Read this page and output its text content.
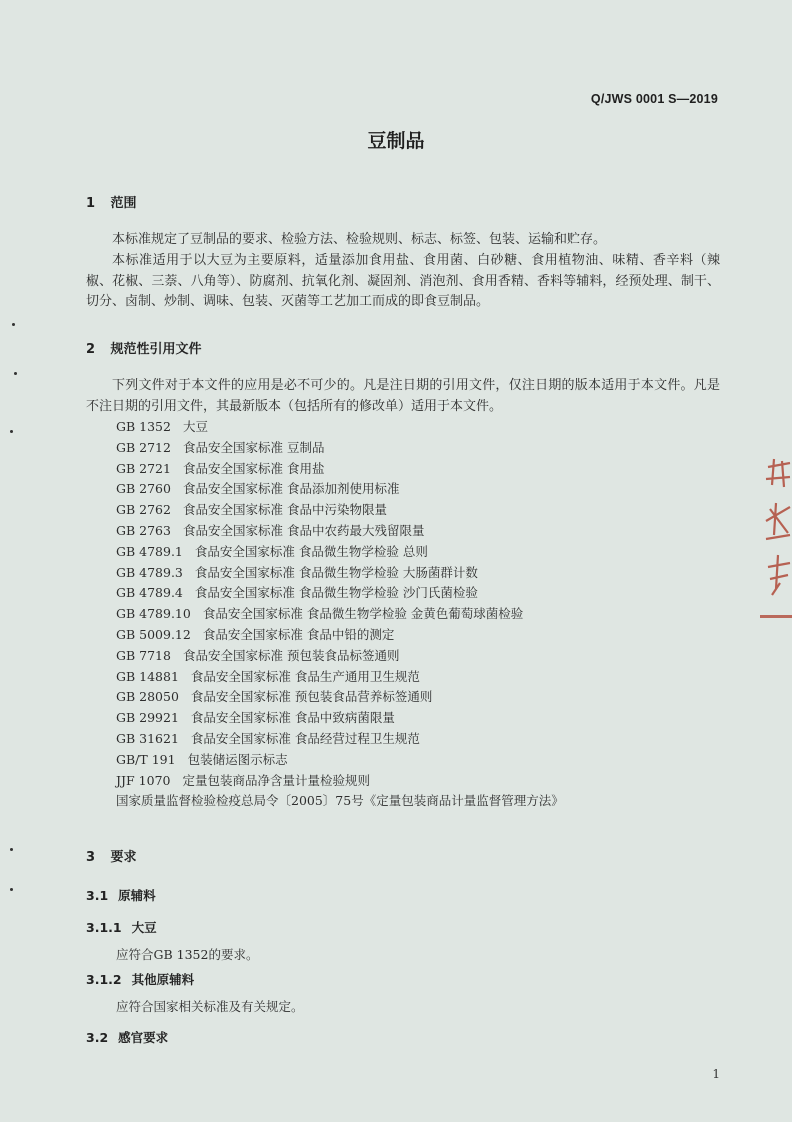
Q/JWS 0001 S—2019
豆制品
1 范围
本标准规定了豆制品的要求、检验方法、检验规则、标志、标签、包装、运输和贮存。
本标准适用于以大豆为主要原料，适量添加食用盐、食用菌、白砂糖、食用植物油、味精、香辛料（辣椒、花椒、三萘、八角等）、防腐剂、抗氧化剂、凝固剂、消泡剂、食用香精、香料等辅料，经预处理、制干、切分、卤制、炒制、调味、包装、灭菌等工艺加工而成的即食豆制品。
2 规范性引用文件
下列文件对于本文件的应用是必不可少的。凡是注日期的引用文件，仅注日期的版本适用于本文件。凡是不注日期的引用文件，其最新版本（包括所有的修改单）适用于本文件。
GB 1352 大豆
GB 2712 食品安全国家标准 豆制品
GB 2721 食品安全国家标准 食用盐
GB 2760 食品安全国家标准 食品添加剂使用标准
GB 2762 食品安全国家标准 食品中污染物限量
GB 2763 食品安全国家标准 食品中农药最大残留限量
GB 4789.1 食品安全国家标准 食品微生物学检验 总则
GB 4789.3 食品安全国家标准 食品微生物学检验 大肠菌群计数
GB 4789.4 食品安全国家标准 食品微生物学检验 沙门氏菌检验
GB 4789.10 食品安全国家标准 食品微生物学检验 金黄色葡萄球菌检验
GB 5009.12 食品安全国家标准 食品中铅的测定
GB 7718 食品安全国家标准 预包装食品标签通则
GB 14881 食品安全国家标准 食品生产通用卫生规范
GB 28050 食品安全国家标准 预包装食品营养标签通则
GB 29921 食品安全国家标准 食品中致病菌限量
GB 31621 食品安全国家标准 食品经营过程卫生规范
GB/T 191 包装储运图示标志
JJF 1070 定量包装商品净含量计量检验规则
国家质量监督检验检疫总局令〔2005〕75号《定量包装商品计量监督管理方法》
3 要求
3.1 原辅料
3.1.1 大豆
应符合GB 1352的要求。
3.1.2 其他原辅料
应符合国家相关标准及有关规定。
3.2 感官要求
1
